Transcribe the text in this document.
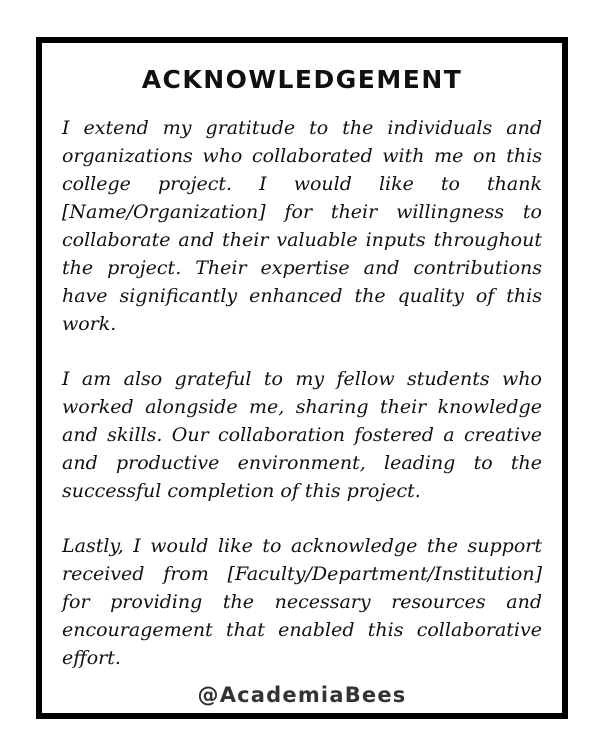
ACKNOWLEDGEMENT

I extend my gratitude to the individuals and organizations who collaborated with me on this college project. I would like to thank [Name/Organization] for their willingness to collaborate and their valuable inputs throughout the project. Their expertise and contributions have significantly enhanced the quality of this work.

I am also grateful to my fellow students who worked alongside me, sharing their knowledge and skills. Our collaboration fostered a creative and productive environment, leading to the successful completion of this project.

Lastly, I would like to acknowledge the support received from [Faculty/Department/Institution] for providing the necessary resources and encouragement that enabled this collaborative effort.

@AcademiaBees
